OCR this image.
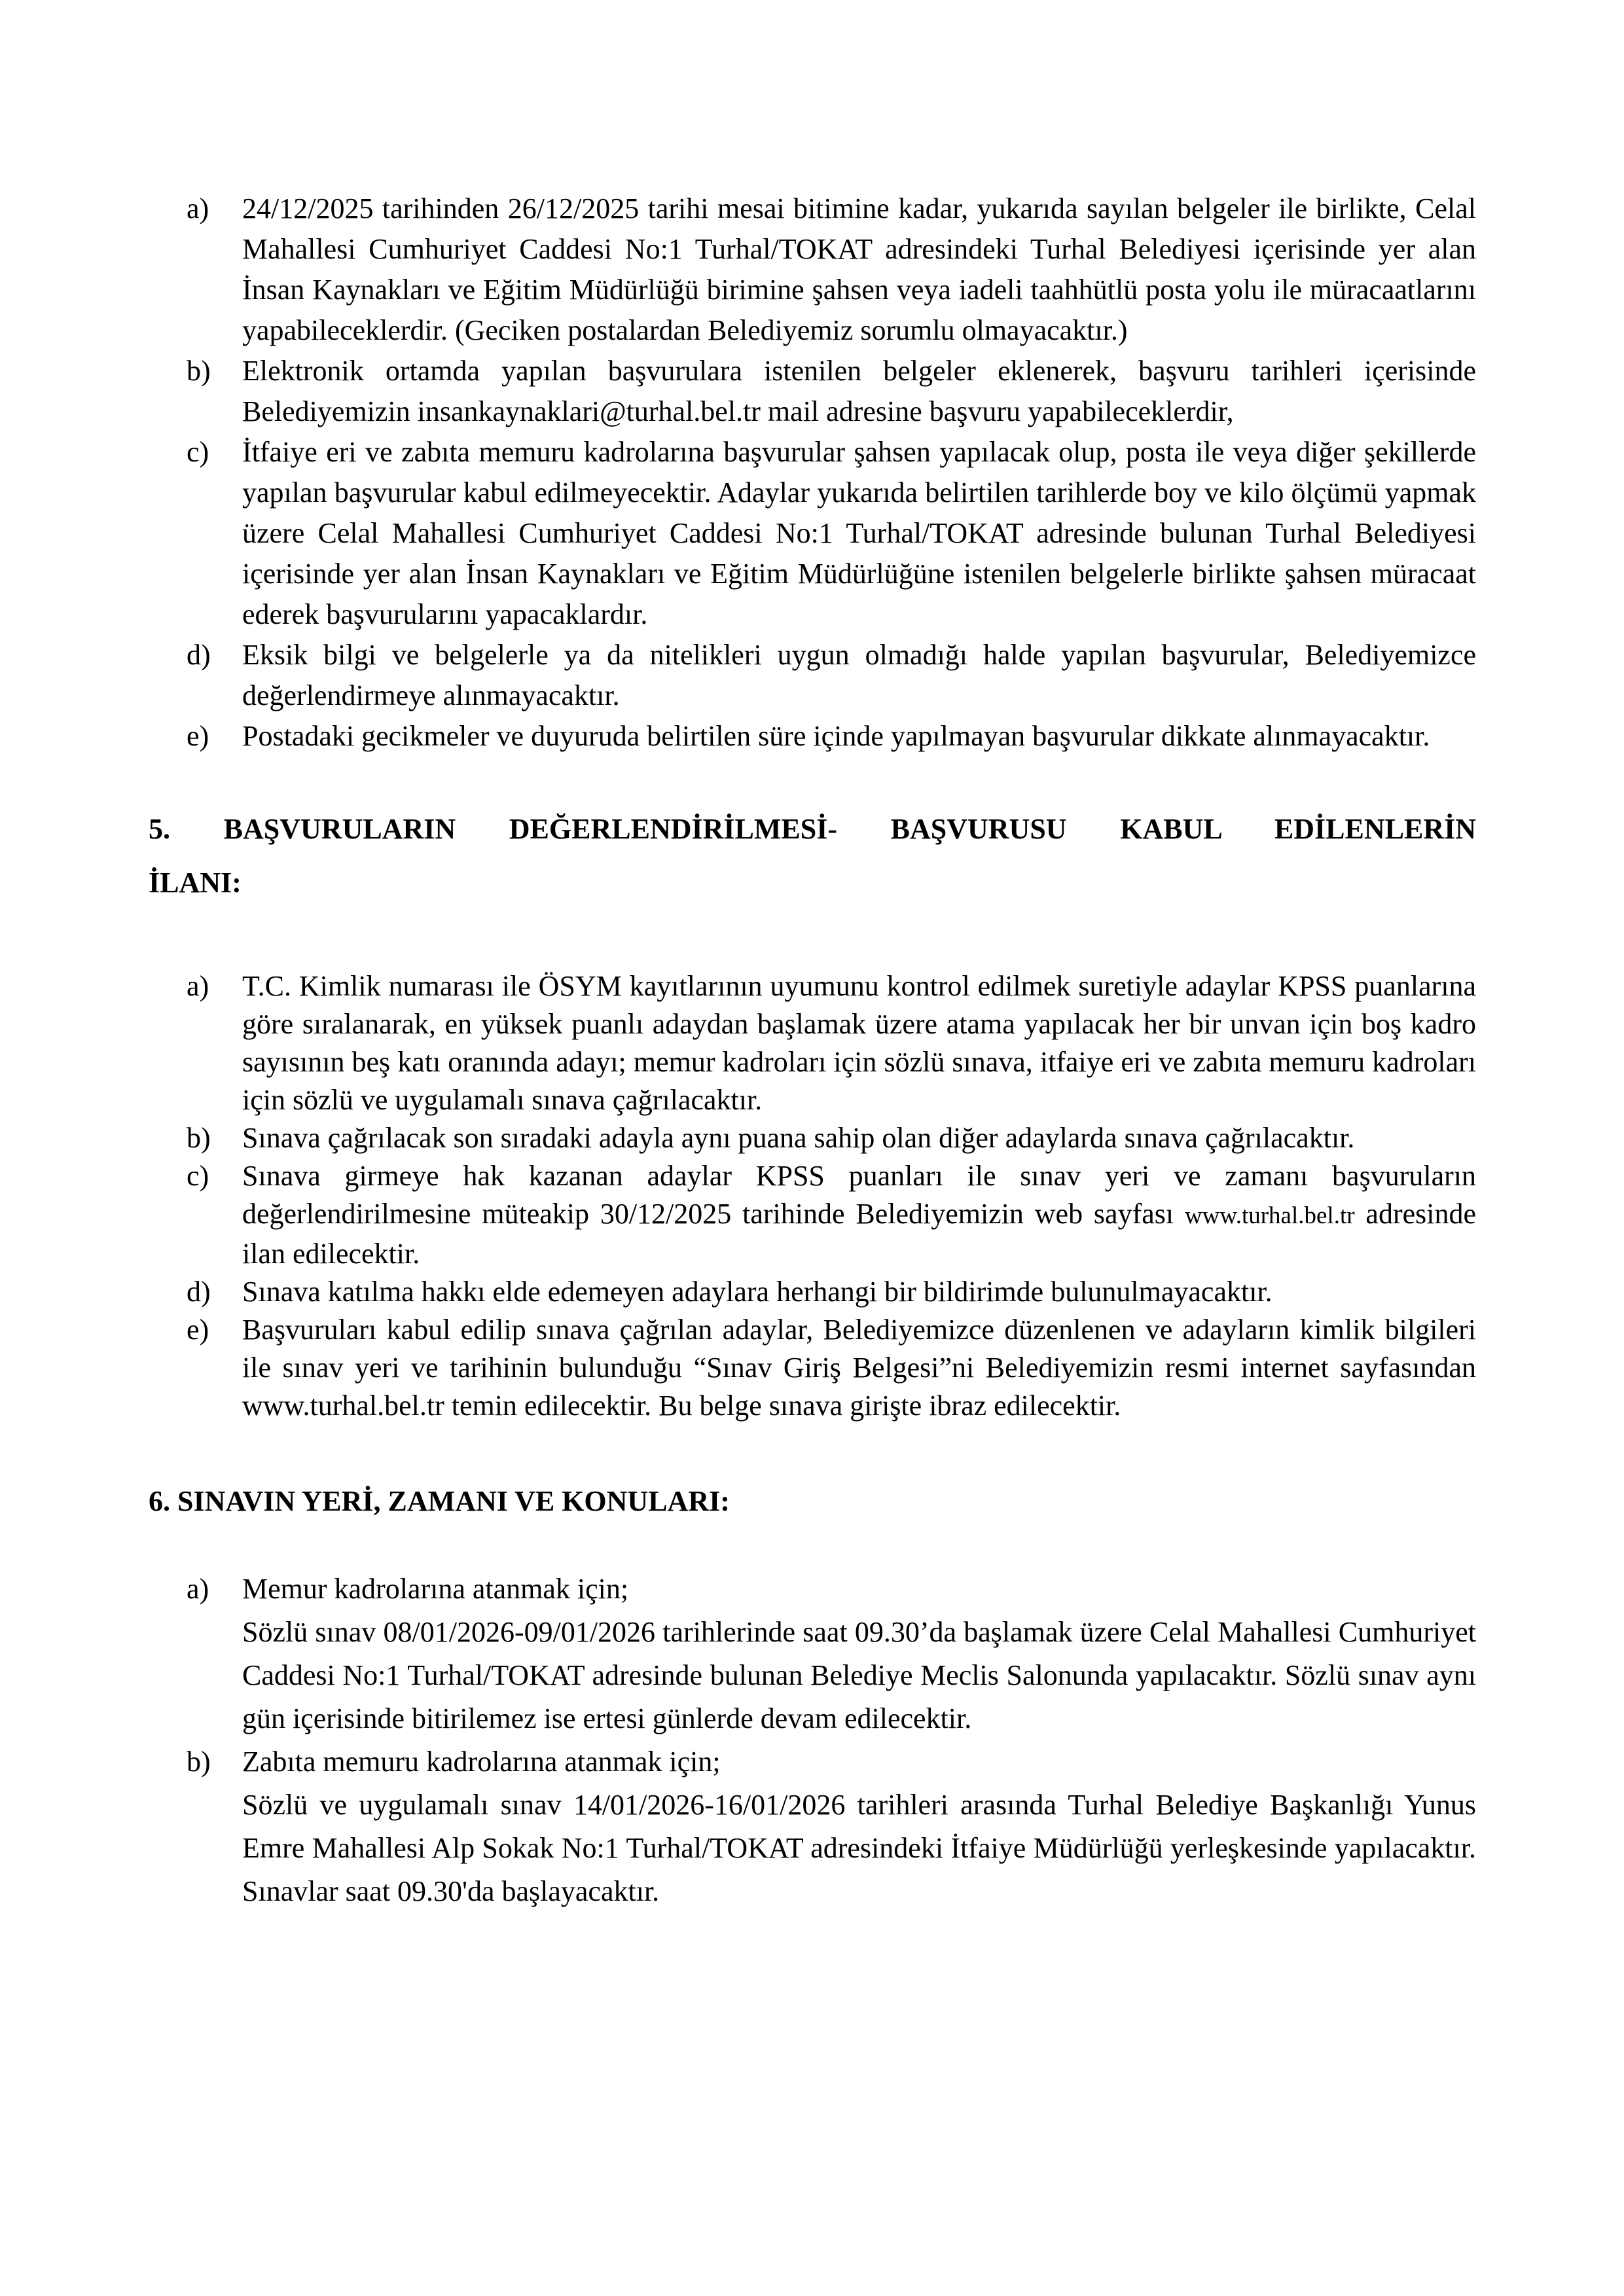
a) 24/12/2025 tarihinden 26/12/2025 tarihi mesai bitimine kadar, yukarıda sayılan belgeler ile birlikte, Celal Mahallesi Cumhuriyet Caddesi No:1 Turhal/TOKAT adresindeki Turhal Belediyesi içerisinde yer alan İnsan Kaynakları ve Eğitim Müdürlüğü birimine şahsen veya iadeli taahhütlü posta yolu ile müracaatlarını yapabileceklerdir. (Geciken postalardan Belediyemiz sorumlu olmayacaktır.)

b) Elektronik ortamda yapılan başvurulara istenilen belgeler eklenerek, başvuru tarihleri içerisinde Belediyemizin insankaynaklari@turhal.bel.tr mail adresine başvuru yapabileceklerdir,

c) İtfaiye eri ve zabıta memuru kadrolarına başvurular şahsen yapılacak olup, posta ile veya diğer şekillerde yapılan başvurular kabul edilmeyecektir. Adaylar yukarıda belirtilen tarihlerde boy ve kilo ölçümü yapmak üzere Celal Mahallesi Cumhuriyet Caddesi No:1 Turhal/TOKAT adresinde bulunan Turhal Belediyesi içerisinde yer alan İnsan Kaynakları ve Eğitim Müdürlüğüne istenilen belgelerle birlikte şahsen müracaat ederek başvurularını yapacaklardır.

d) Eksik bilgi ve belgelerle ya da nitelikleri uygun olmadığı halde yapılan başvurular, Belediyemizce değerlendirmeye alınmayacaktır.

e) Postadaki gecikmeler ve duyuruda belirtilen süre içinde yapılmayan başvurular dikkate alınmayacaktır.

5. BAŞVURULARIN DEĞERLENDİRİLMESİ- BAŞVURUSU KABUL EDİLENLERİN
İLANI:
a) T.C. Kimlik numarası ile ÖSYM kayıtlarının uyumunu kontrol edilmek suretiyle adaylar KPSS puanlarına göre sıralanarak, en yüksek puanlı adaydan başlamak üzere atama yapılacak her bir unvan için boş kadro sayısının beş katı oranında adayı; memur kadroları için sözlü sınava, itfaiye eri ve zabıta memuru kadroları için sözlü ve uygulamalı sınava çağrılacaktır.

b) Sınava çağrılacak son sıradaki adayla aynı puana sahip olan diğer adaylarda sınava çağrılacaktır.

c) Sınava girmeye hak kazanan adaylar KPSS puanları ile sınav yeri ve zamanı başvuruların değerlendirilmesine müteakip 30/12/2025 tarihinde Belediyemizin web sayfası www.turhal.bel.tr adresinde ilan edilecektir.

d) Sınava katılma hakkı elde edemeyen adaylara herhangi bir bildirimde bulunulmayacaktır.

e) Başvuruları kabul edilip sınava çağrılan adaylar, Belediyemizce düzenlenen ve adayların kimlik bilgileri ile sınav yeri ve tarihinin bulunduğu “Sınav Giriş Belgesi”ni Belediyemizin resmi internet sayfasından www.turhal.bel.tr temin edilecektir. Bu belge sınava girişte ibraz edilecektir.

6. SINAVIN YERİ, ZAMANI VE KONULARI:
a) Memur kadrolarına atanmak için;

Sözlü sınav 08/01/2026-09/01/2026 tarihlerinde saat 09.30’da başlamak üzere Celal Mahallesi Cumhuriyet Caddesi No:1 Turhal/TOKAT adresinde bulunan Belediye Meclis Salonunda yapılacaktır. Sözlü sınav aynı gün içerisinde bitirilemez ise ertesi günlerde devam edilecektir.

b) Zabıta memuru kadrolarına atanmak için;

Sözlü ve uygulamalı sınav 14/01/2026-16/01/2026 tarihleri arasında Turhal Belediye Başkanlığı Yunus Emre Mahallesi Alp Sokak No:1 Turhal/TOKAT adresindeki İtfaiye Müdürlüğü yerleşkesinde yapılacaktır. Sınavlar saat 09.30'da başlayacaktır.
